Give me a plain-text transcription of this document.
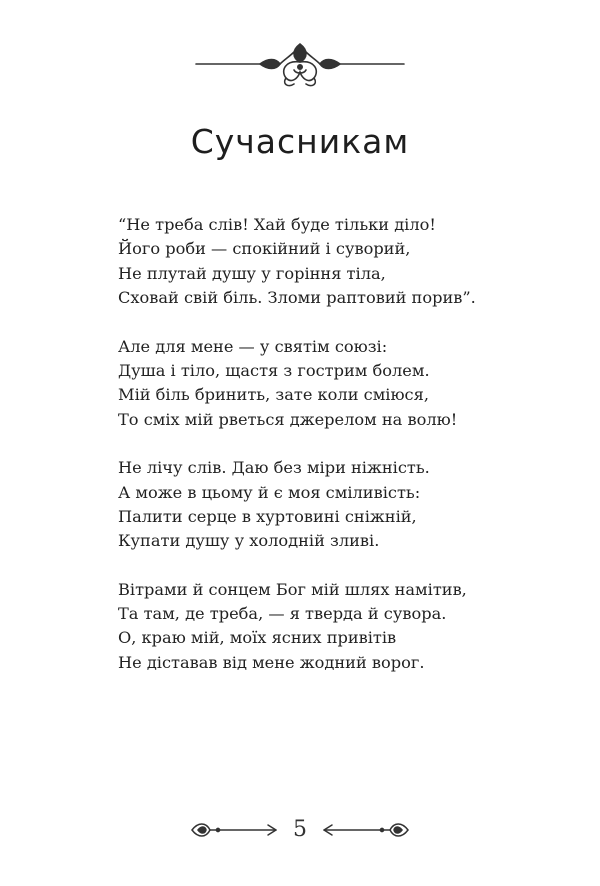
Сучасникам
“Не треба слів! Хай буде тільки діло!
Його роби — спокійний і суворий,
Не плутай душу у горіння тіла,
Сховай свій біль. Зломи раптовий порив”.
Але для мене — у святім союзі:
Душа і тіло, щастя з гострим болем.
Мій біль бринить, зате коли сміюся,
То сміх мій рветься джерелом на волю!
Не лічу слів. Даю без міри ніжність.
А може в цьому й є моя сміливість:
Палити серце в хуртовині сніжній,
Купати душу у холодній зливі.
Вітрами й сонцем Бог мій шлях намітив,
Та там, де треба, — я тверда й сувора.
О, краю мій, моїх ясних привітів
Не діставав від мене жодний ворог.
5
